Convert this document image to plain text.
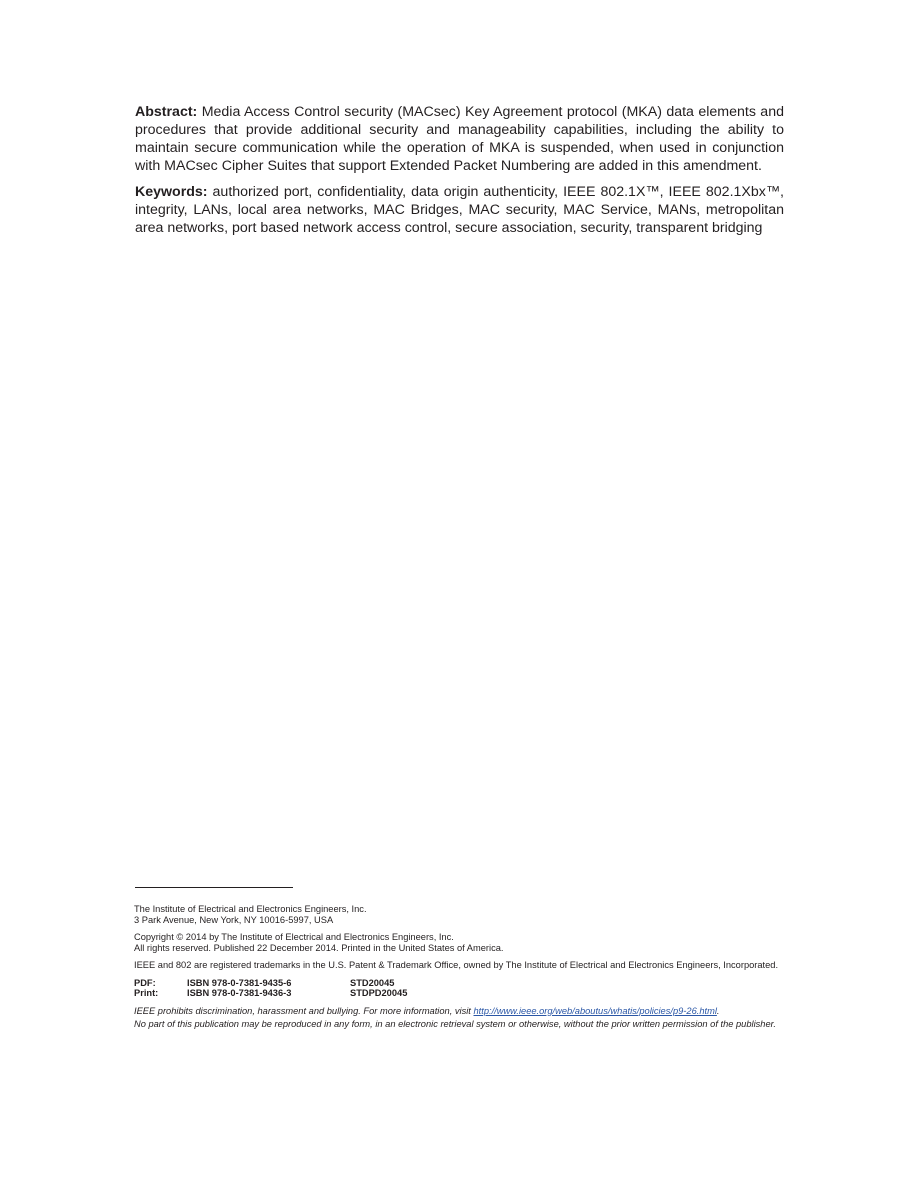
Abstract: Media Access Control security (MACsec) Key Agreement protocol (MKA) data elements and procedures that provide additional security and manageability capabilities, including the ability to maintain secure communication while the operation of MKA is suspended, when used in conjunction with MACsec Cipher Suites that support Extended Packet Numbering are added in this amendment.

Keywords: authorized port, confidentiality, data origin authenticity, IEEE 802.1X™, IEEE 802.1Xbx™, integrity, LANs, local area networks, MAC Bridges, MAC security, MAC Service, MANs, metropolitan area networks, port based network access control, secure association, security, transparent bridging

The Institute of Electrical and Electronics Engineers, Inc.
3 Park Avenue, New York, NY 10016-5997, USA
Copyright © 2014 by The Institute of Electrical and Electronics Engineers, Inc.
All rights reserved. Published 22 December 2014. Printed in the United States of America.
IEEE and 802 are registered trademarks in the U.S. Patent & Trademark Office, owned by The Institute of Electrical and Electronics Engineers, Incorporated.
PDF:	ISBN 978-0-7381-9435-6	STD20045
Print:	ISBN 978-0-7381-9436-3	STDPD20045

IEEE prohibits discrimination, harassment and bullying. For more information, visit http://www.ieee.org/web/aboutus/whatis/policies/p9-26.html.
No part of this publication may be reproduced in any form, in an electronic retrieval system or otherwise, without the prior written permission of the publisher.
